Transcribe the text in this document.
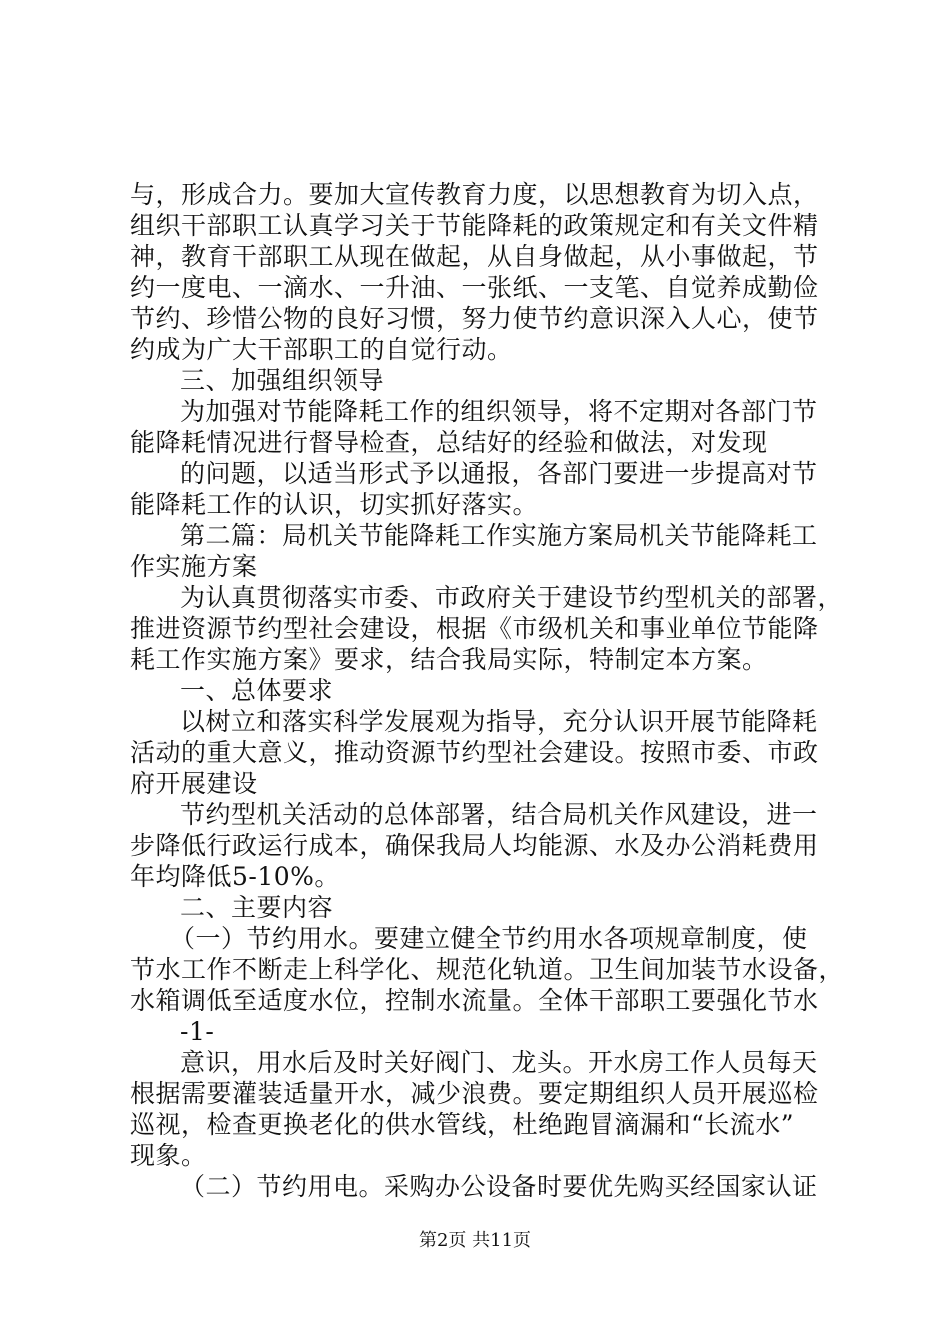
与，形成合力。要加大宣传教育力度，以思想教育为切入点，
组织干部职工认真学习关于节能降耗的政策规定和有关文件精
神，教育干部职工从现在做起，从自身做起，从小事做起，节
约一度电、一滴水、一升油、一张纸、一支笔、自觉养成勤俭
节约、珍惜公物的良好习惯，努力使节约意识深入人心，使节
约成为广大干部职工的自觉行动。
三、加强组织领导
为加强对节能降耗工作的组织领导，将不定期对各部门节
能降耗情况进行督导检查，总结好的经验和做法，对发现
的问题，以适当形式予以通报，各部门要进一步提高对节
能降耗工作的认识，切实抓好落实。
第二篇：局机关节能降耗工作实施方案局机关节能降耗工
作实施方案
为认真贯彻落实市委、市政府关于建设节约型机关的部署，
推进资源节约型社会建设，根据《市级机关和事业单位节能降
耗工作实施方案》要求，结合我局实际，特制定本方案。
一、总体要求
以树立和落实科学发展观为指导，充分认识开展节能降耗
活动的重大意义，推动资源节约型社会建设。按照市委、市政
府开展建设
节约型机关活动的总体部署，结合局机关作风建设，进一
步降低行政运行成本，确保我局人均能源、水及办公消耗费用
年均降低5-10%。
二、主要内容
（一）节约用水。要建立健全节约用水各项规章制度，使
节水工作不断走上科学化、规范化轨道。卫生间加装节水设备，
水箱调低至适度水位，控制水流量。全体干部职工要强化节水
-1-
意识，用水后及时关好阀门、龙头。开水房工作人员每天
根据需要灌装适量开水，减少浪费。要定期组织人员开展巡检
巡视，检查更换老化的供水管线，杜绝跑冒滴漏和“长流水”
现象。
（二）节约用电。采购办公设备时要优先购买经国家认证
第2页 共11页
